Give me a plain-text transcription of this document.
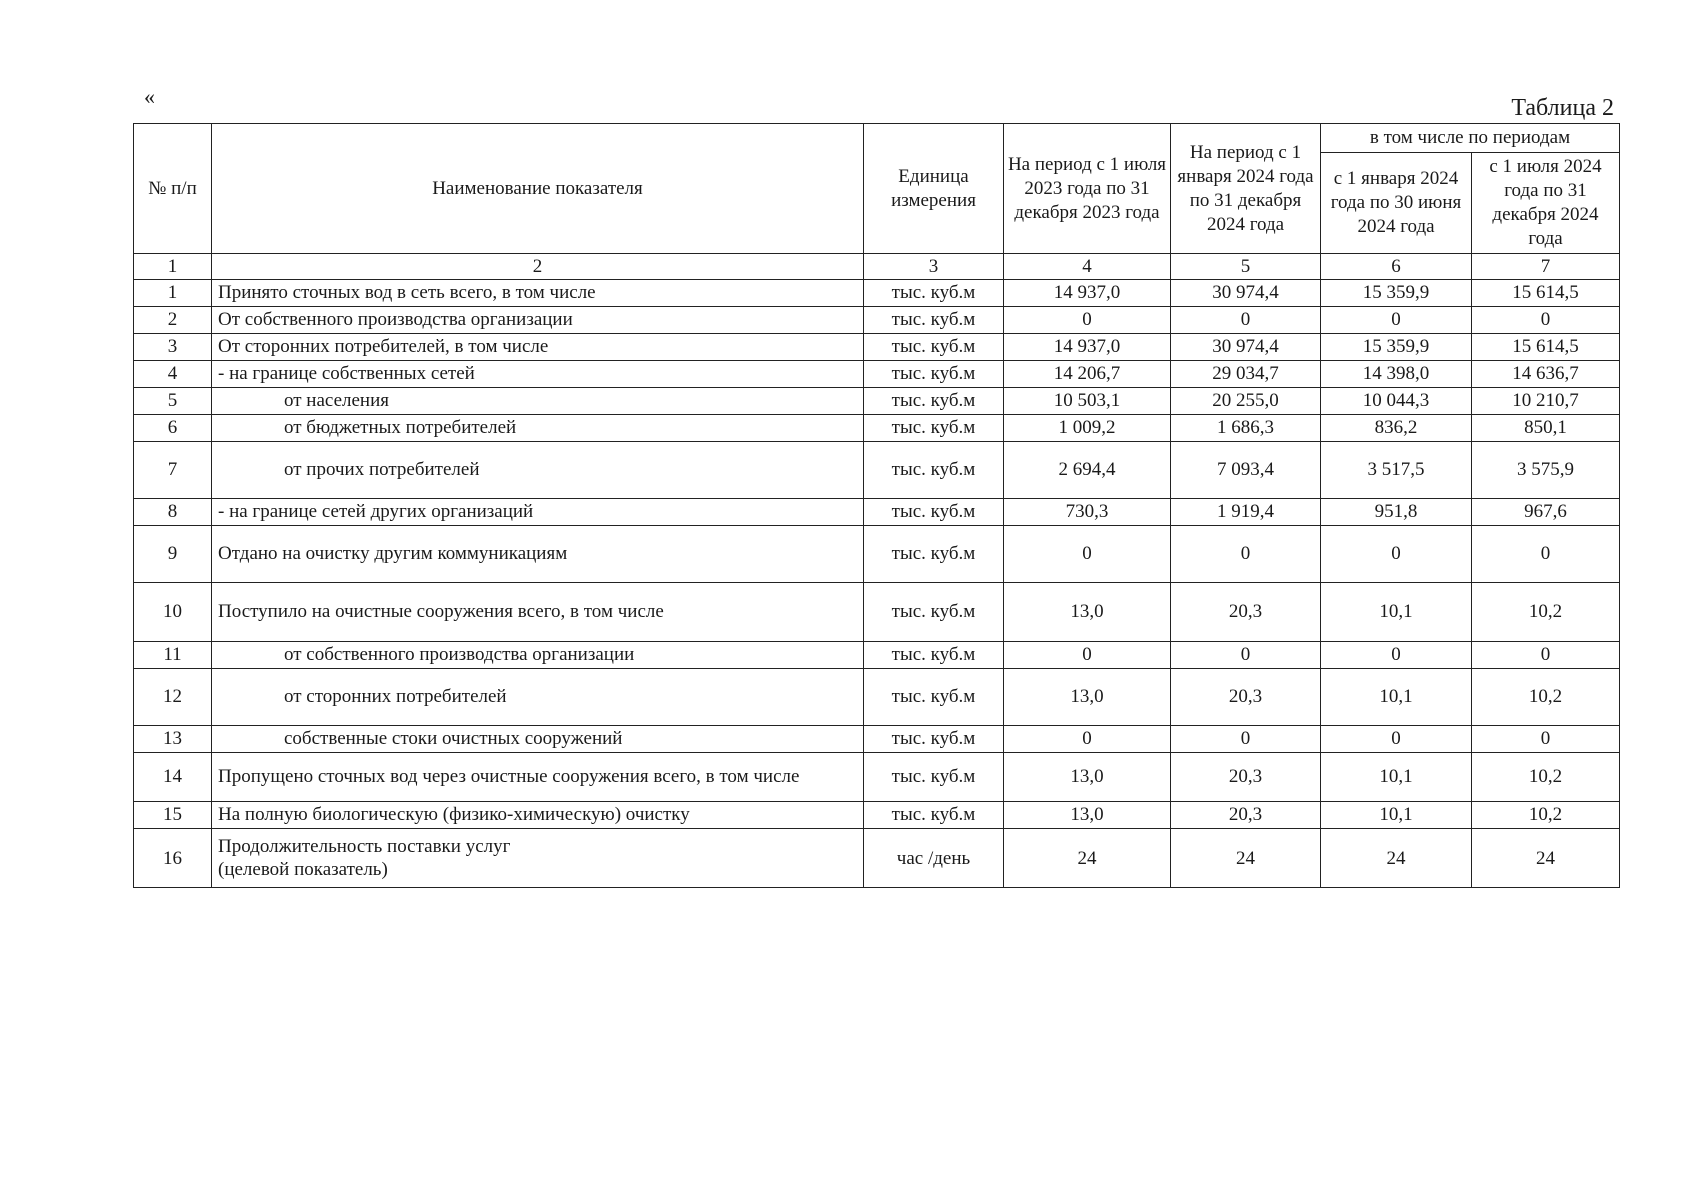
«	Таблица 2
№ п/п	Наименование показателя	Единица измерения	На период с 1 июля 2023 года по 31 декабря 2023 года	На период с 1 января 2024 года по 31 декабря 2024 года	в том числе по периодам	
					с 1 января 2024 года по 30 июня 2024 года	с 1 июля 2024 года по 31 декабря 2024 года
1	2	3	4	5	6	7
1	Принято сточных вод в сеть всего, в том числе	тыс. куб.м	14 937,0	30 974,4	15 359,9	15 614,5
2	От собственного производства организации	тыс. куб.м	0	0	0	0
3	От сторонних потребителей, в том числе	тыс. куб.м	14 937,0	30 974,4	15 359,9	15 614,5
4	- на границе собственных сетей	тыс. куб.м	14 206,7	29 034,7	14 398,0	14 636,7
5	от населения	тыс. куб.м	10 503,1	20 255,0	10 044,3	10 210,7
6	от бюджетных потребителей	тыс. куб.м	1 009,2	1 686,3	836,2	850,1
7	от прочих потребителей	тыс. куб.м	2 694,4	7 093,4	3 517,5	3 575,9
8	- на границе сетей других организаций	тыс. куб.м	730,3	1 919,4	951,8	967,6
9	Отдано на очистку другим коммуникациям	тыс. куб.м	0	0	0	0
10	Поступило на очистные сооружения всего, в том числе	тыс. куб.м	13,0	20,3	10,1	10,2
11	от собственного производства организации	тыс. куб.м	0	0	0	0
12	от сторонних потребителей	тыс. куб.м	13,0	20,3	10,1	10,2
13	собственные стоки очистных сооружений	тыс. куб.м	0	0	0	0
14	Пропущено сточных вод через очистные сооружения всего, в том числе	тыс. куб.м	13,0	20,3	10,1	10,2
15	На полную биологическую (физико-химическую) очистку	тыс. куб.м	13,0	20,3	10,1	10,2
16	Продолжительность поставки услуг
(целевой показатель)	час /день	24	24	24	24
